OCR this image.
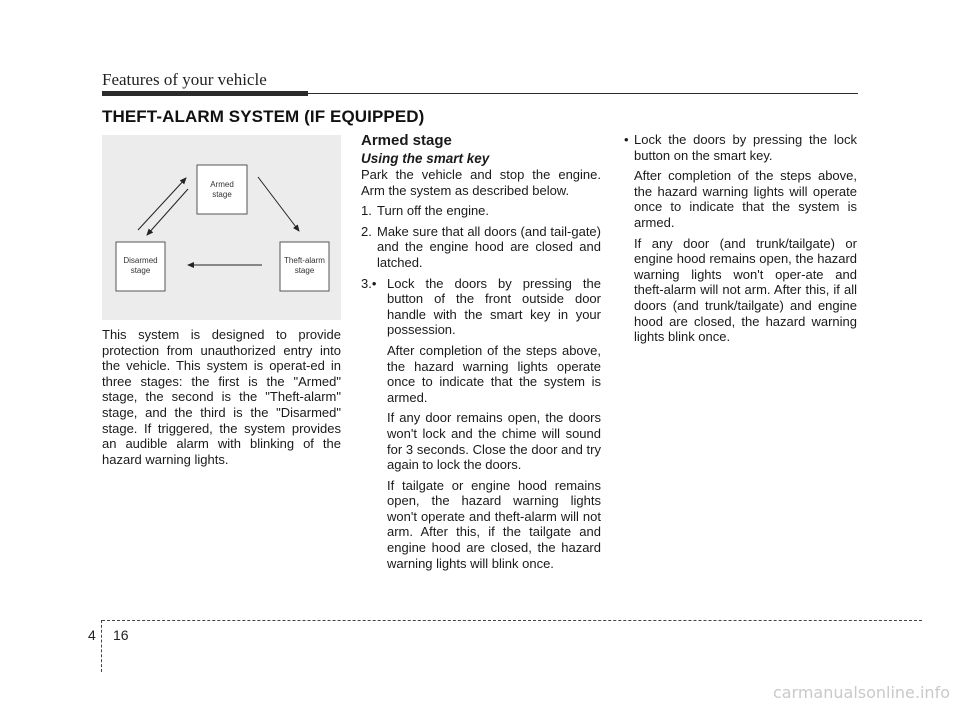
Features of your vehicle
THEFT-ALARM SYSTEM (IF EQUIPPED)
Armed
stage
Disarmed
stage
Theft-alarm
stage

This system is designed to provide protection from unauthorized entry into the vehicle. This system is operat-ed in three stages: the first is the "Armed" stage, the second is the "Theft-alarm" stage, and the third is the "Disarmed" stage. If triggered, the system provides an audible alarm with blinking of the hazard warning lights.

Armed stage

Using the smart key

Park the vehicle and stop the engine. Arm the system as described below.

1. Turn off the engine.

2. Make sure that all doors (and tail-gate) and the engine hood are closed and latched.

3.• Lock the doors by pressing the button of the front outside door handle with the smart key in your possession.

After completion of the steps above, the hazard warning lights operate once to indicate that the system is armed.

If any door remains open, the doors won't lock and the chime will sound for 3 seconds. Close the door and try again to lock the doors.

If tailgate or engine hood remains open, the hazard warning lights won't operate and theft-alarm will not arm. After this, if the tailgate and engine hood are closed, the hazard warning lights will blink once.

• Lock the doors by pressing the lock button on the smart key.

After completion of the steps above, the hazard warning lights will operate once to indicate that the system is armed.

If any door (and trunk/tailgate) or engine hood remains open, the hazard warning lights won't oper-ate and theft-alarm will not arm. After this, if all doors (and trunk/tailgate) and engine hood are closed, the hazard warning lights blink once.

4 16
carmanualsonline.info
